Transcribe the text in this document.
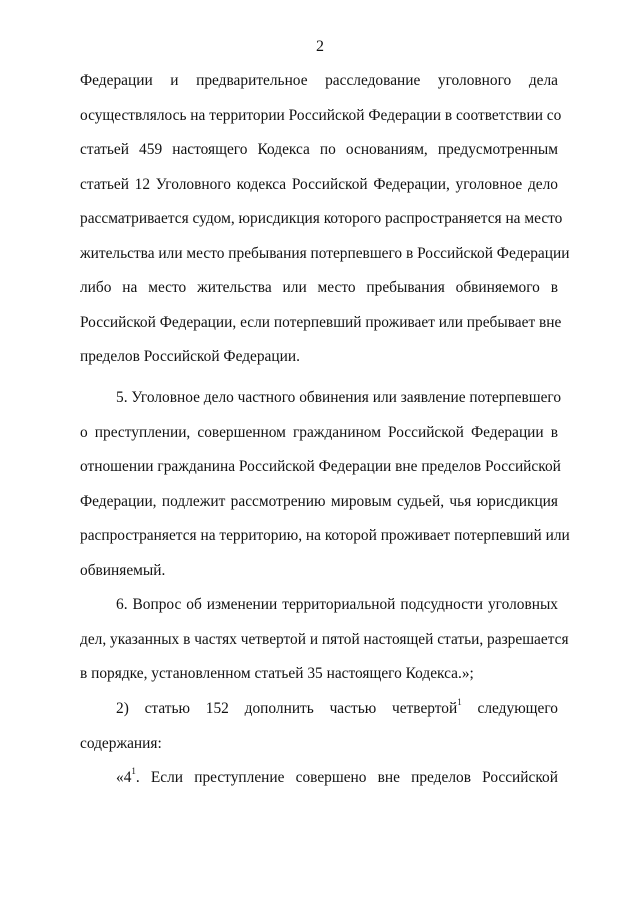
2
Федерации и предварительное расследование уголовного дела
осуществлялось на территории Российской Федерации в соответствии со
статьей 459 настоящего Кодекса по основаниям, предусмотренным
статьей 12 Уголовного кодекса Российской Федерации, уголовное дело
рассматривается судом, юрисдикция которого распространяется на место
жительства или место пребывания потерпевшего в Российской Федерации
либо на место жительства или место пребывания обвиняемого в
Российской Федерации, если потерпевший проживает или пребывает вне
пределов Российской Федерации.
5. Уголовное дело частного обвинения или заявление потерпевшего
о преступлении, совершенном гражданином Российской Федерации в
отношении гражданина Российской Федерации вне пределов Российской
Федерации, подлежит рассмотрению мировым судьей, чья юрисдикция
распространяется на территорию, на которой проживает потерпевший или
обвиняемый.
6. Вопрос об изменении территориальной подсудности уголовных
дел, указанных в частях четвертой и пятой настоящей статьи, разрешается
в порядке, установленном статьей 35 настоящего Кодекса.»;
2) статью 152 дополнить частью четвертой$^1$ следующего
содержания:
«$4^1$. Если преступление совершено вне пределов Российской
